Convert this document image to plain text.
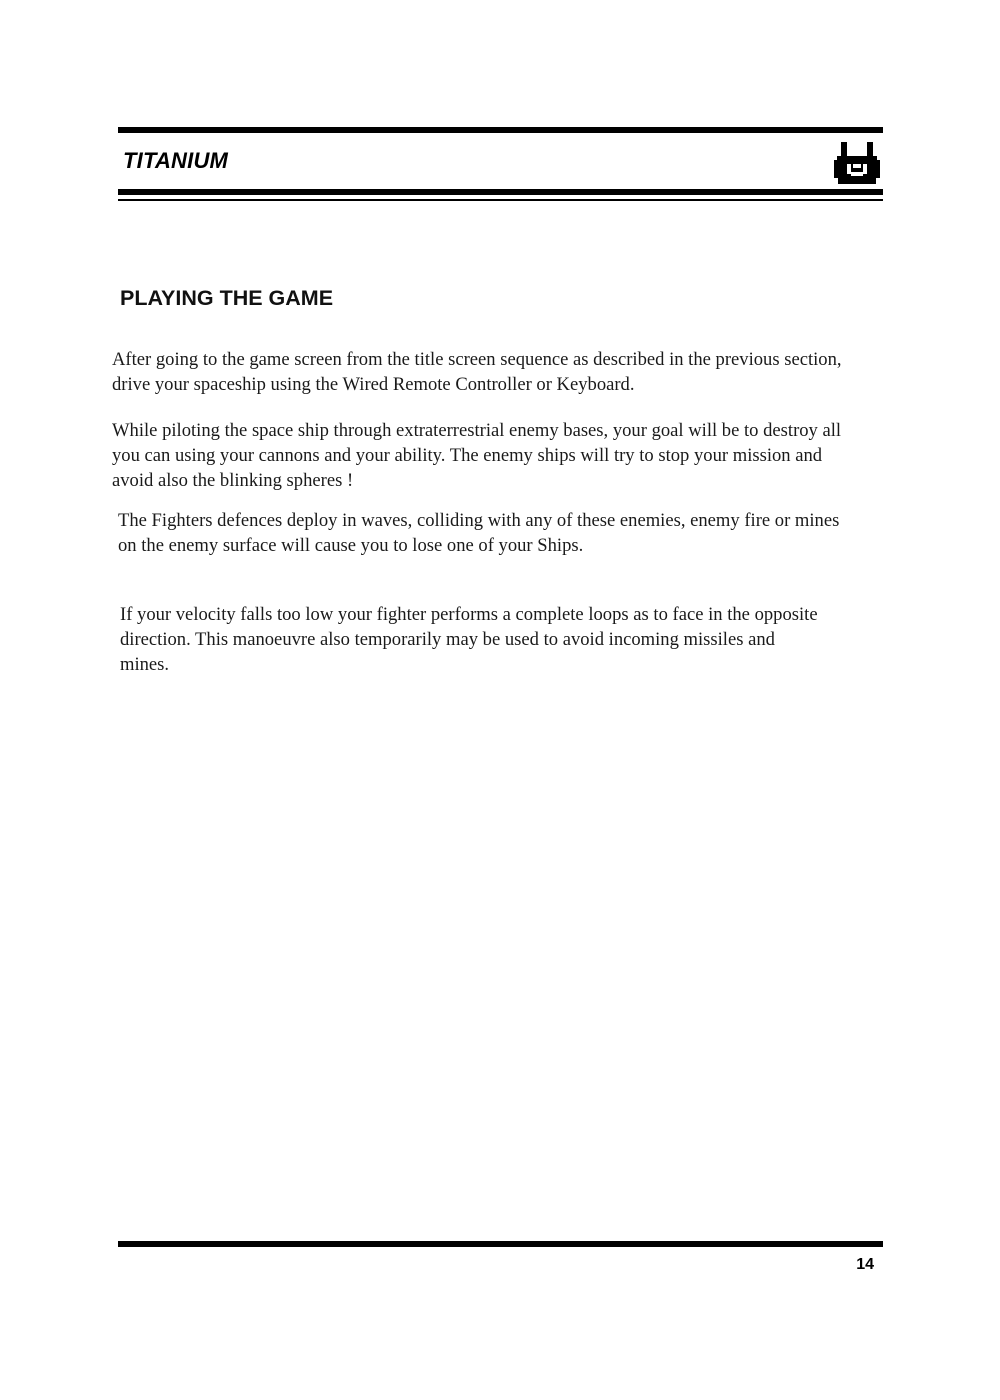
TITANIUM
PLAYING THE GAME

After going to the game screen from the title screen sequence as described in the previous section,
drive your spaceship using the Wired Remote Controller or Keyboard.

While piloting the space ship through extraterrestrial enemy bases, your goal will be to destroy all
you can using your cannons and your ability. The enemy ships will try to stop your mission and
avoid also the blinking spheres !

The Fighters defences deploy in waves, colliding with any of these enemies, enemy fire or mines
on the enemy surface will cause you to lose one of your Ships.

If your velocity falls too low your fighter performs a complete loops as to face in the opposite
direction. This manoeuvre also temporarily may be used to avoid incoming missiles and
mines.

14
